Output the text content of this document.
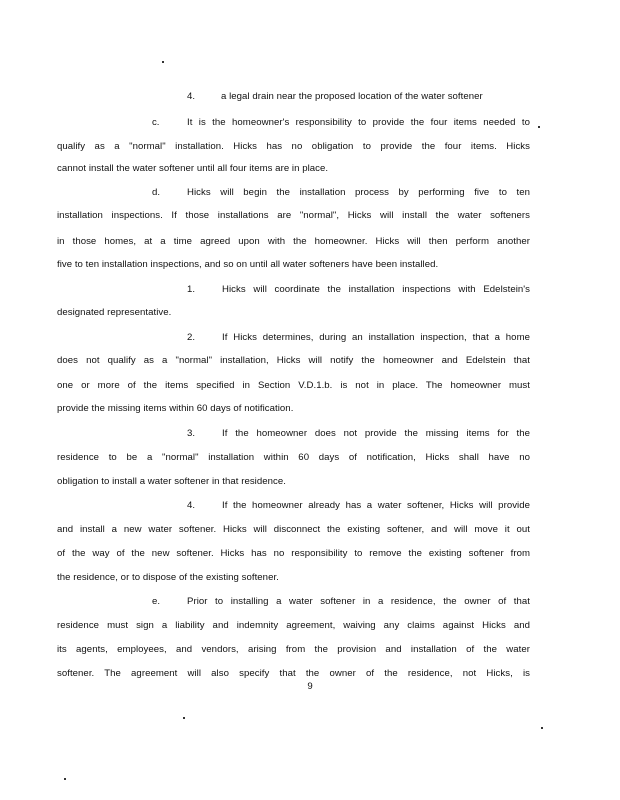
4.	a legal drain near the proposed location of the water softener
c.	It is the homeowner's responsibility to provide the four items needed to
qualify as a "normal" installation. Hicks has no obligation to provide the four items. Hicks
cannot install the water softener until all four items are in place.
d.	Hicks will begin the installation process by performing five to ten
installation inspections. If those installations are "normal", Hicks will install the water softeners
in those homes, at a time agreed upon with the homeowner. Hicks will then perform another
five to ten installation inspections, and so on until all water softeners have been installed.
1.	Hicks will coordinate the installation inspections with Edelstein's
designated representative.
2.	If Hicks determines, during an installation inspection, that a home
does not qualify as a "normal" installation, Hicks will notify the homeowner and Edelstein that
one or more of the items specified in Section V.D.1.b. is not in place. The homeowner must
provide the missing items within 60 days of notification.
3.	If the homeowner does not provide the missing items for the
residence to be a "normal" installation within 60 days of notification, Hicks shall have no
obligation to install a water softener in that residence.
4.	If the homeowner already has a water softener, Hicks will provide
and install a new water softener. Hicks will disconnect the existing softener, and will move it out
of the way of the new softener. Hicks has no responsibility to remove the existing softener from
the residence, or to dispose of the existing softener.
e.	Prior to installing a water softener in a residence, the owner of that
residence must sign a liability and indemnity agreement, waiving any claims against Hicks and
its agents, employees, and vendors, arising from the provision and installation of the water
softener. The agreement will also specify that the owner of the residence, not Hicks, is
9
